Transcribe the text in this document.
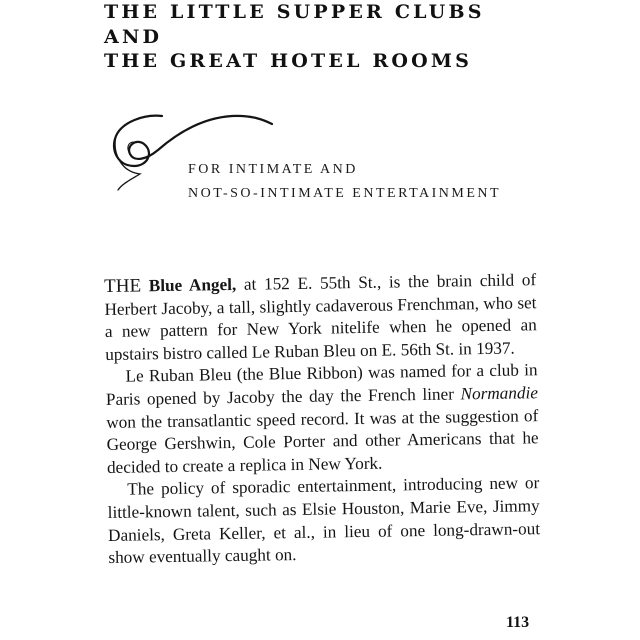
THE LITTLE SUPPER CLUBS
AND
THE GREAT HOTEL ROOMS
FOR INTIMATE AND
NOT-SO-INTIMATE ENTERTAINMENT

THE Blue Angel, at 152 E. 55th St., is the brain child of Herbert Jacoby, a tall, slightly cadaverous Frenchman, who set a new pattern for New York nitelife when he opened an upstairs bistro called Le Ruban Bleu on E. 56th St. in 1937.

Le Ruban Bleu (the Blue Ribbon) was named for a club in Paris opened by Jacoby the day the French liner Normandie won the transatlantic speed record. It was at the suggestion of George Gershwin, Cole Porter and other Americans that he decided to create a replica in New York.

The policy of sporadic entertainment, introducing new or little-known talent, such as Elsie Houston, Marie Eve, Jimmy Daniels, Greta Keller, et al., in lieu of one long-drawn-out show eventually caught on.

113
